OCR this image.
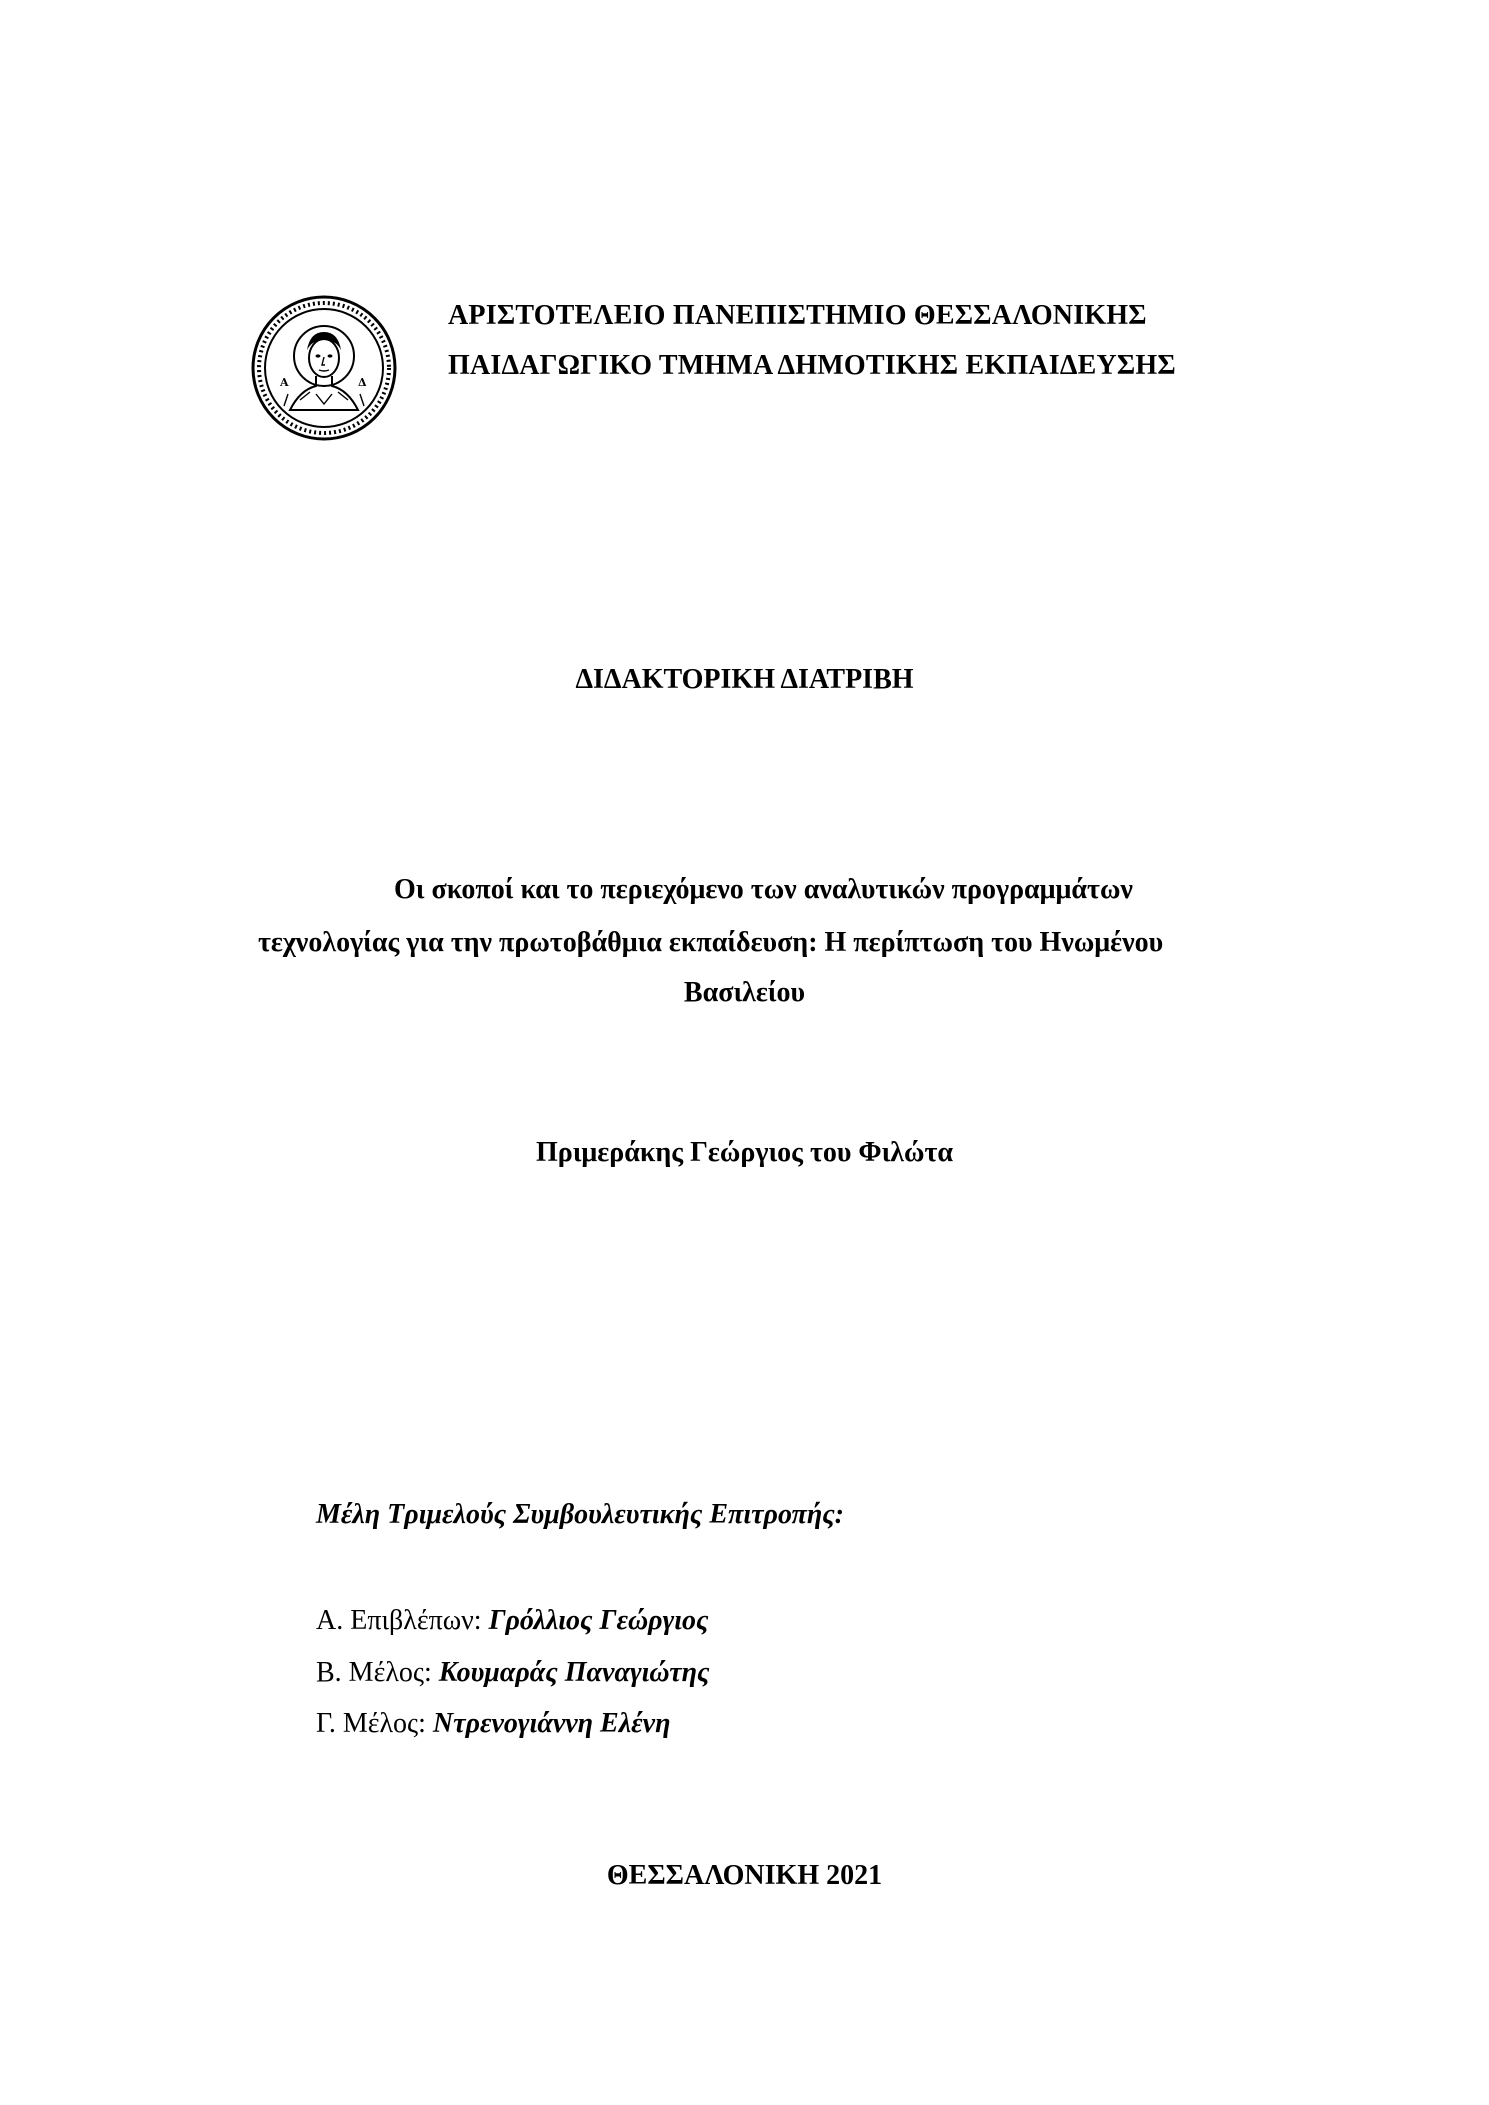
Α	Δ
ΑΡΙΣΤΟΤΕΛΕΙΟ ΠΑΝΕΠΙΣΤΗΜΙΟ ΘΕΣΣΑΛΟΝΙΚΗΣ
ΠΑΙΔΑΓΩΓΙΚΟ ΤΜΗΜΑ ΔΗΜΟΤΙΚΗΣ ΕΚΠΑΙΔΕΥΣΗΣ
ΔΙΔΑΚΤΟΡΙΚΗ ΔΙΑΤΡΙΒΗ
Οι σκοποί και το περιεχόμενο των αναλυτικών προγραμμάτων
τεχνολογίας για την πρωτοβάθμια εκπαίδευση: Η περίπτωση του Ηνωμένου
Βασιλείου
Πριμεράκης Γεώργιος του Φιλώτα
Μέλη Τριμελούς Συμβουλευτικής Επιτροπής:
Α. Επιβλέπων: Γρόλλιος Γεώργιος
Β. Μέλος: Κουμαράς Παναγιώτης
Γ. Μέλος: Ντρενογιάννη Ελένη
ΘΕΣΣΑΛΟΝΙΚΗ 2021
